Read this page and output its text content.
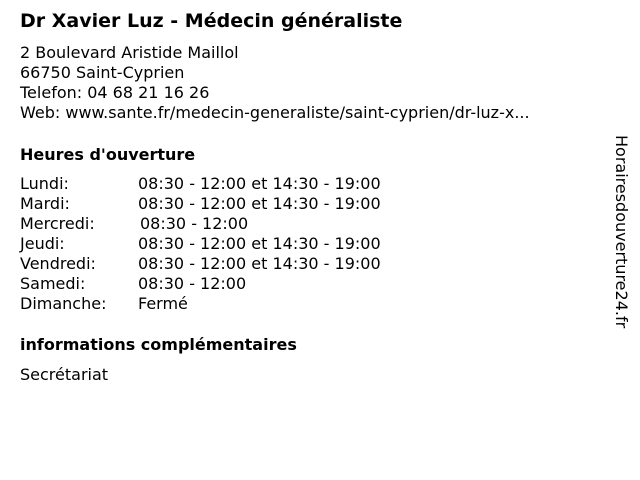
Dr Xavier Luz - Médecin généraliste
2 Boulevard Aristide Maillol
66750 Saint-Cyprien
Telefon: 04 68 21 16 26
Web: www.sante.fr/medecin-generaliste/saint-cyprien/dr-luz-x...
Heures d'ouverture
Lundi:	08:30 - 12:00 et 14:30 - 19:00
Mardi:	08:30 - 12:00 et 14:30 - 19:00
Mercredi:	08:30 - 12:00
Jeudi:	08:30 - 12:00 et 14:30 - 19:00
Vendredi:	08:30 - 12:00 et 14:30 - 19:00
Samedi:	08:30 - 12:00
Dimanche: Fermé
informations complémentaires
Secrétariat
Horairesdouverture24.fr
